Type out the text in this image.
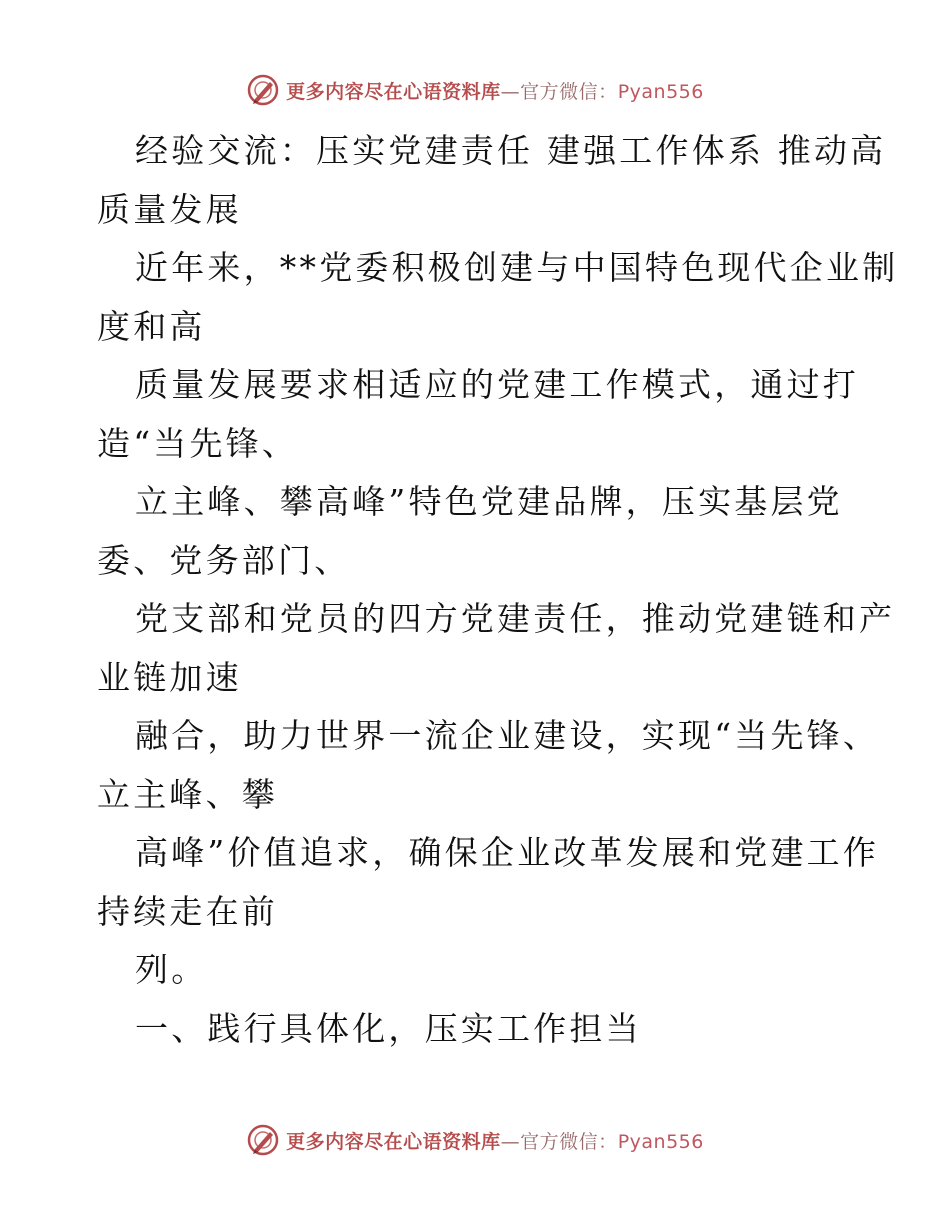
更多内容尽在心语资料库—官方微信：Pyan556
经验交流：压实党建责任 建强工作体系 推动高
质量发展
近年来，**党委积极创建与中国特色现代企业制
度和高
质量发展要求相适应的党建工作模式，通过打
造“当先锋、
立主峰、攀高峰”特色党建品牌，压实基层党
委、党务部门、
党支部和党员的四方党建责任，推动党建链和产
业链加速
融合，助力世界一流企业建设，实现“当先锋、
立主峰、攀
高峰”价值追求，确保企业改革发展和党建工作
持续走在前
列。
一、践行具体化，压实工作担当
更多内容尽在心语资料库—官方微信：Pyan556
